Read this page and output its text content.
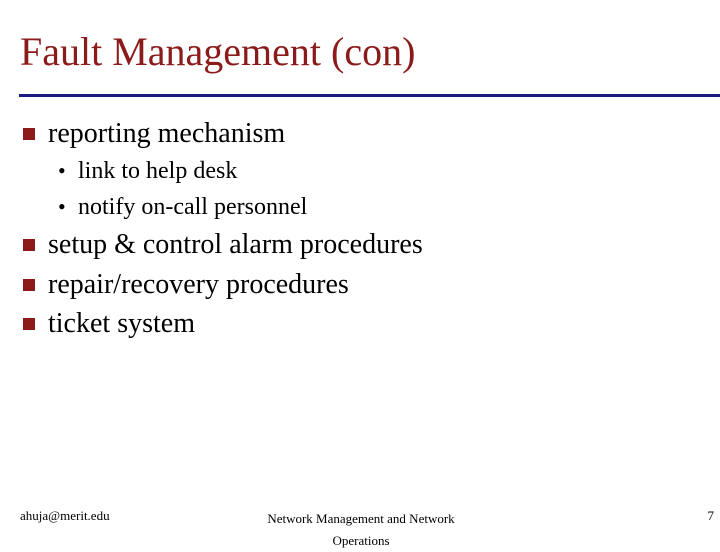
Fault Management (con)
reporting mechanism
• link to help desk
• notify on-call personnel
setup & control alarm procedures
repair/recovery procedures
ticket system
ahuja@merit.edu	Network Management and Network Operations
7
